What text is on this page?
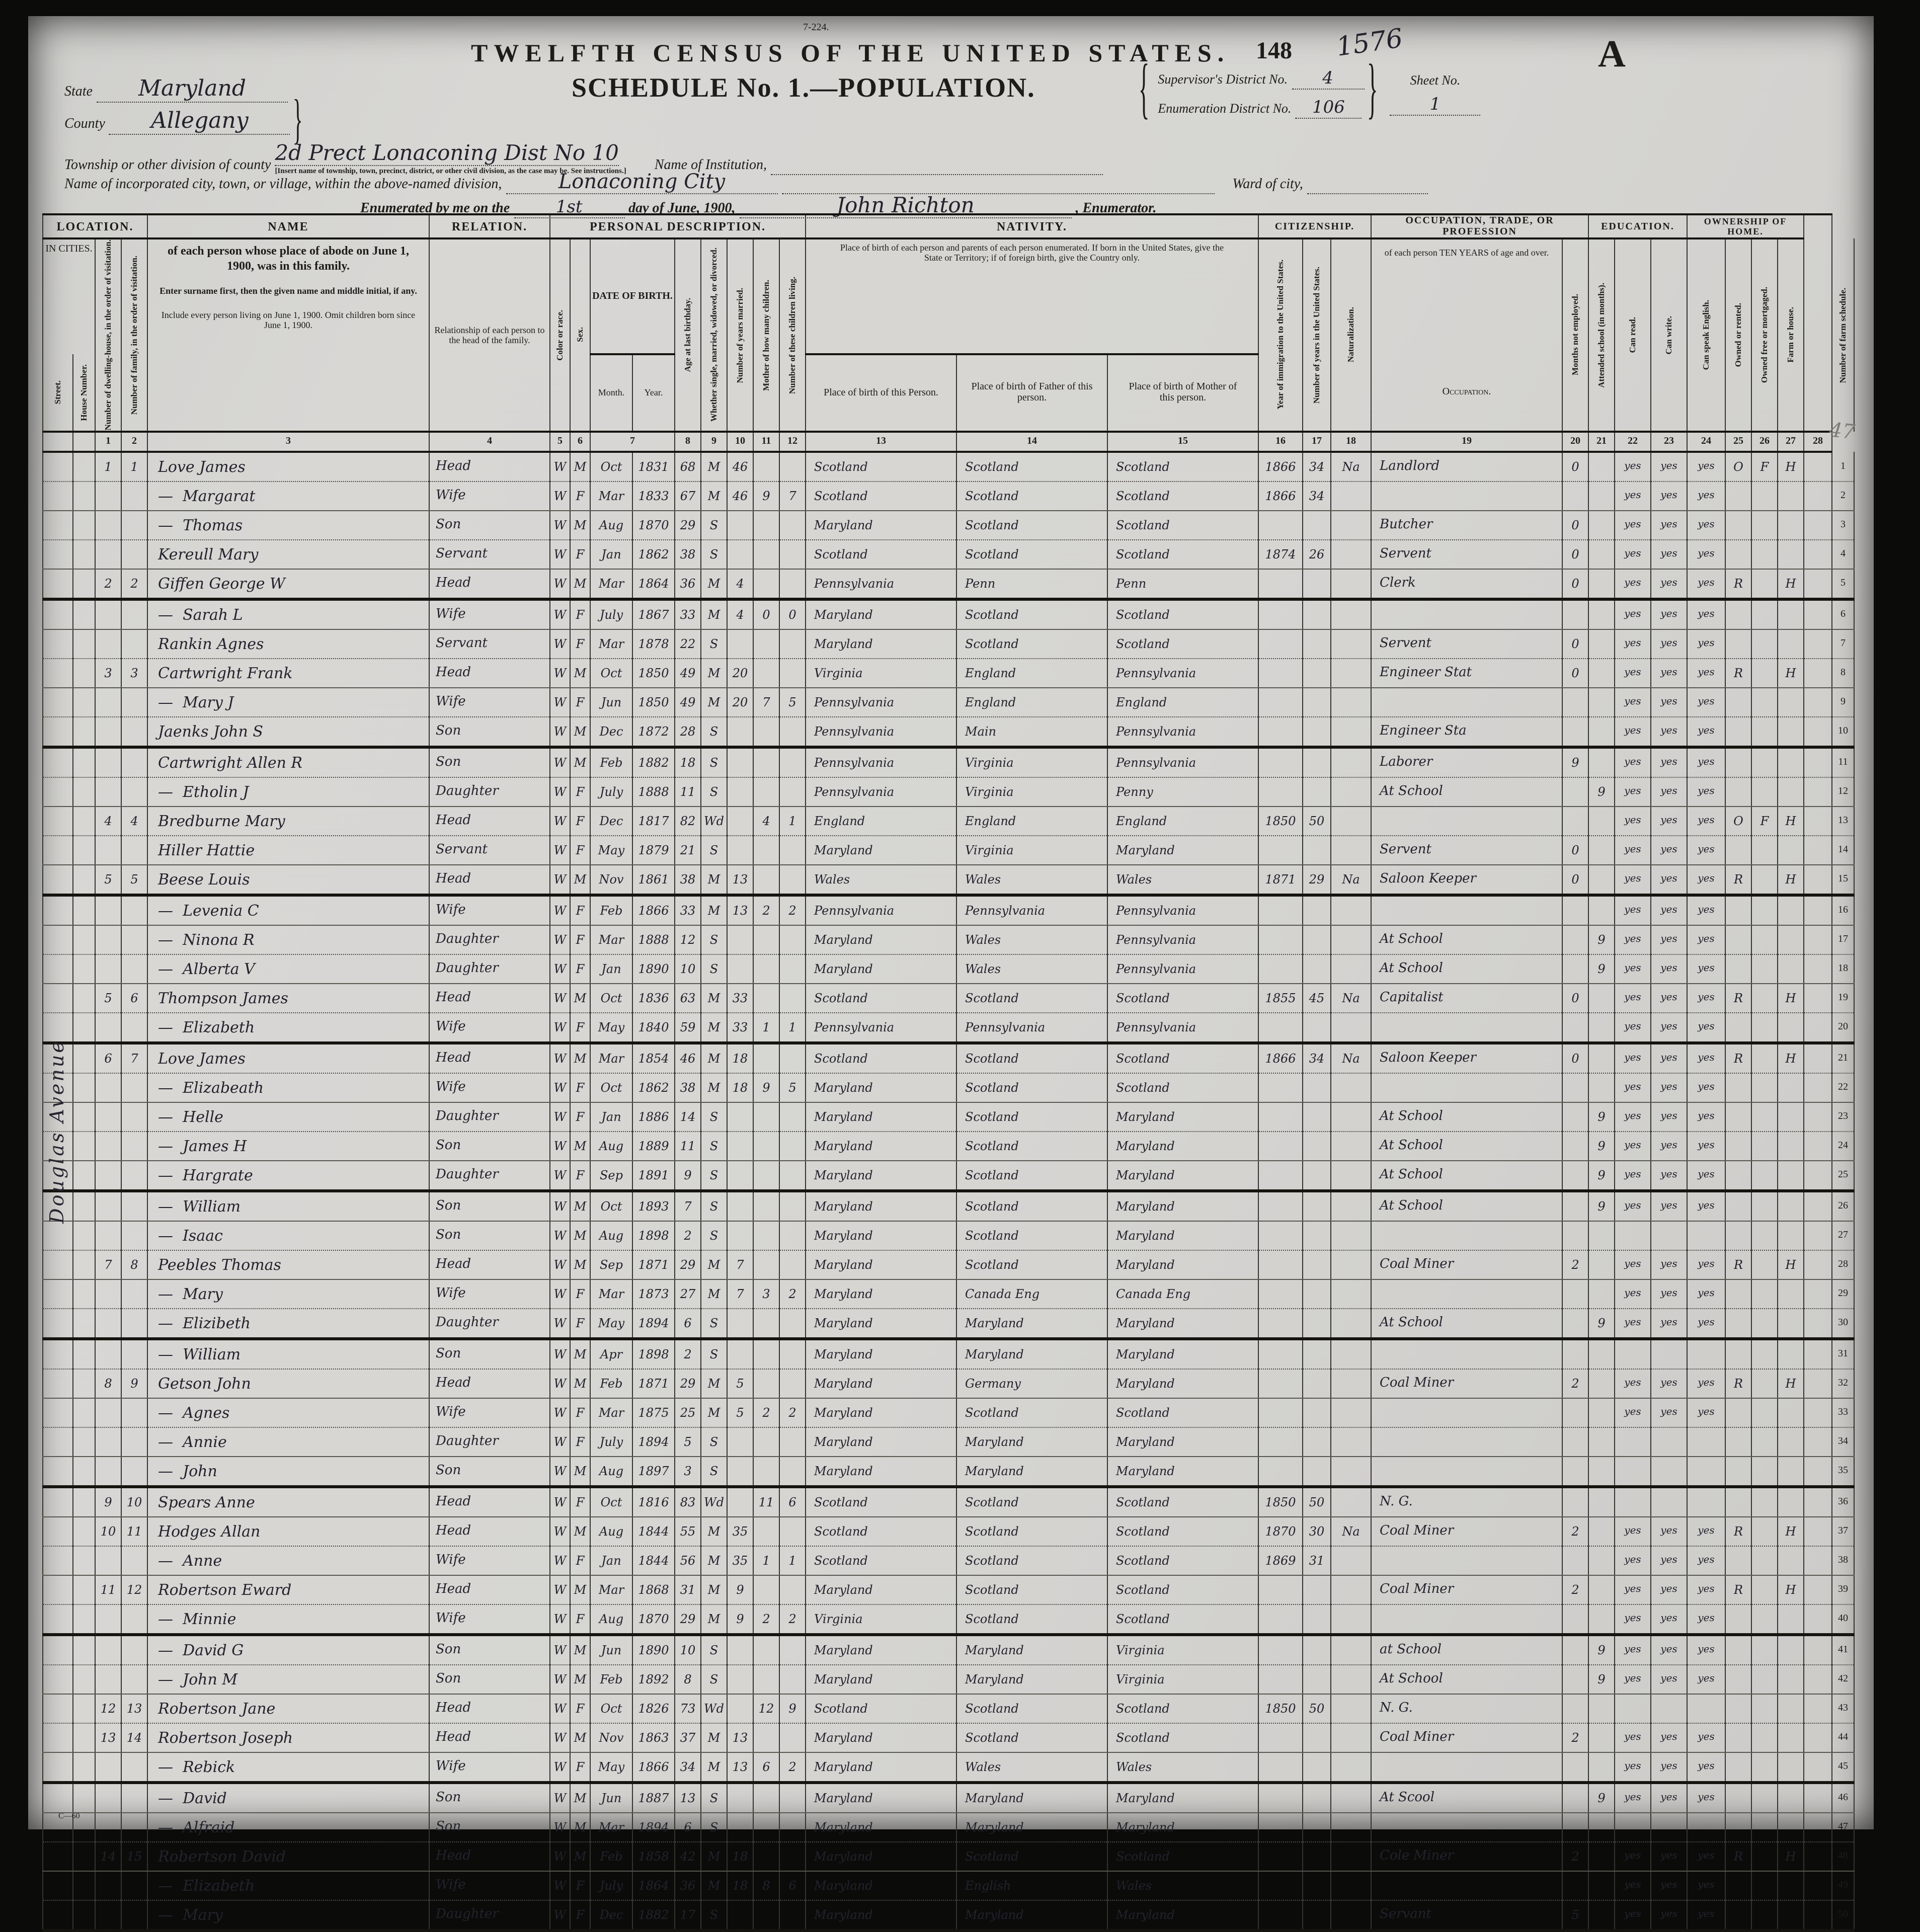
7-224.
TWELFTH CENSUS OF THE UNITED STATES. 148	1576	A
State	Maryland
County	Allegany	}
SCHEDULE No. 1.—POPULATION.	{ Supervisor's District No.	4
Enumeration District No. 106	}	Sheet No.
1
Township or other division of county 2d Prect Lonaconing Dist No 10
[Insert name of township, town, precinct, district, or other civil division, as the case may be. See instructions.]	Name of Institution,
Name of incorporated city, town, or village, within the above-named division,	Lonaconing City	Ward of city,
Enumerated by me on the	1st	day of June, 1900,	John Richton	, Enumerator.
LOCATION.				NAME	RELATION.	PERSONAL DESCRIPTION.									NATIVITY.			CITIZENSHIP.			OCCUPATION, TRADE, OR PROFESSION		EDUCATION.			OWNERSHIP OF HOME.					
IN CITIES.		Number of dwelling-house, in the order of visitation.	Number of family, in the order of visitation.	of each person whose place of abode on June 1, 1900, was in this family.
Enter surname first, then the given name and middle initial, if any.
Include every person living on June 1, 1900. Omit children born since June 1, 1900.	Relationship of each person to the head of the family.	Color or race.	Sex.	DATE OF BIRTH.		Age at last birthday.	Whether single, married, widowed, or divorced.	Number of years married.	Mother of how many children.	Number of these children living.	Place of birth of each person and parents of each person enumerated. If born in the United States, give the State or Territory; if of foreign birth, give the Country only.			Year of immigration to the United States.	Number of years in the United States.	Naturalization.	of each person TEN YEARS of age and over.	Months not employed.	Attended school (in months).	Can read.	Can write.	Can speak English.	Owned or rented.	Owned free or mortgaged.	Farm or house.		Number of farm schedule.

Street.	House Number.							Month.	Year.						Place of birth of this Person.	Place of birth of Father of this person.	Place of birth of Mother of this person.				Occupation.										
		1	2	3	4	5	6	7		8	9	10	11	12	13	14	15	16	17	18	19	20	21	22	23	24	25	26	27	28	
		1	1	Love James	Head	W	M	Oct	1831	68	M	46			Scotland	Scotland	Scotland	1866	34	Na	Landlord	0		yes	yes	yes	O	F	H		1
				—  Margarat	Wife	W	F	Mar	1833	67	M	46	9	7	Scotland	Scotland	Scotland	1866	34					yes	yes	yes					2
				—  Thomas	Son	W	M	Aug	1870	29	S				Maryland	Scotland	Scotland				Butcher	0		yes	yes	yes					3
				Kereull Mary	Servant	W	F	Jan	1862	38	S				Scotland	Scotland	Scotland	1874	26		Servent	0		yes	yes	yes					4
		2	2	Giffen George W	Head	W	M	Mar	1864	36	M	4			Pennsylvania	Penn	Penn				Clerk	0		yes	yes	yes	R		H		5
				—  Sarah L	Wife	W	F	July	1867	33	M	4	0	0	Maryland	Scotland	Scotland							yes	yes	yes					6
				Rankin Agnes	Servant	W	F	Mar	1878	22	S				Maryland	Scotland	Scotland				Servent	0		yes	yes	yes					7
		3	3	Cartwright Frank	Head	W	M	Oct	1850	49	M	20			Virginia	England	Pennsylvania				Engineer Stat	0		yes	yes	yes	R		H		8
				—  Mary J	Wife	W	F	Jun	1850	49	M	20	7	5	Pennsylvania	England	England							yes	yes	yes					9
				Jaenks John S	Son	W	M	Dec	1872	28	S				Pennsylvania	Main	Pennsylvania				Engineer Sta			yes	yes	yes					10
				Cartwright Allen R	Son	W	M	Feb	1882	18	S				Pennsylvania	Virginia	Pennsylvania				Laborer	9		yes	yes	yes					11
				—  Etholin J	Daughter	W	F	July	1888	11	S				Pennsylvania	Virginia	Penny				At School		9	yes	yes	yes					12
		4	4	Bredburne Mary	Head	W	F	Dec	1817	82	Wd		4	1	England	England	England	1850	50					yes	yes	yes	O	F	H		13
				Hiller Hattie	Servant	W	F	May	1879	21	S				Maryland	Virginia	Maryland				Servent	0		yes	yes	yes					14
		5	5	Beese Louis	Head	W	M	Nov	1861	38	M	13			Wales	Wales	Wales	1871	29	Na	Saloon Keeper	0		yes	yes	yes	R		H		15
				—  Levenia C	Wife	W	F	Feb	1866	33	M	13	2	2	Pennsylvania	Pennsylvania	Pennsylvania							yes	yes	yes					16
				—  Ninona R	Daughter	W	F	Mar	1888	12	S				Maryland	Wales	Pennsylvania				At School		9	yes	yes	yes					17
				—  Alberta V	Daughter	W	F	Jan	1890	10	S				Maryland	Wales	Pennsylvania				At School		9	yes	yes	yes					18
		5	6	Thompson James	Head	W	M	Oct	1836	63	M	33			Scotland	Scotland	Scotland	1855	45	Na	Capitalist	0		yes	yes	yes	R		H		19
				—  Elizabeth	Wife	W	F	May	1840	59	M	33	1	1	Pennsylvania	Pennsylvania	Pennsylvania							yes	yes	yes					20
		6	7	Love James	Head	W	M	Mar	1854	46	M	18			Scotland	Scotland	Scotland	1866	34	Na	Saloon Keeper	0		yes	yes	yes	R		H		21
				—  Elizabeath	Wife	W	F	Oct	1862	38	M	18	9	5	Maryland	Scotland	Scotland							yes	yes	yes					22
				—  Helle	Daughter	W	F	Jan	1886	14	S				Maryland	Scotland	Maryland				At School		9	yes	yes	yes					23
				—  James H	Son	W	M	Aug	1889	11	S				Maryland	Scotland	Maryland				At School		9	yes	yes	yes					24
				—  Hargrate	Daughter	W	F	Sep	1891	9	S				Maryland	Scotland	Maryland				At School		9	yes	yes	yes					25
				—  William	Son	W	M	Oct	1893	7	S				Maryland	Scotland	Maryland				At School		9	yes	yes	yes					26
				—  Isaac	Son	W	M	Aug	1898	2	S				Maryland	Scotland	Maryland														27
		7	8	Peebles Thomas	Head	W	M	Sep	1871	29	M	7			Maryland	Scotland	Maryland				Coal Miner	2		yes	yes	yes	R		H		28
				—  Mary	Wife	W	F	Mar	1873	27	M	7	3	2	Maryland	Canada Eng	Canada Eng							yes	yes	yes					29
				—  Elizibeth	Daughter	W	F	May	1894	6	S				Maryland	Maryland	Maryland				At School		9	yes	yes	yes					30
				—  William	Son	W	M	Apr	1898	2	S				Maryland	Maryland	Maryland														31
		8	9	Getson John	Head	W	M	Feb	1871	29	M	5			Maryland	Germany	Maryland				Coal Miner	2		yes	yes	yes	R		H		32
				—  Agnes	Wife	W	F	Mar	1875	25	M	5	2	2	Maryland	Scotland	Scotland							yes	yes	yes					33
				—  Annie	Daughter	W	F	July	1894	5	S				Maryland	Maryland	Maryland														34
				—  John	Son	W	M	Aug	1897	3	S				Maryland	Maryland	Maryland														35
		9	10	Spears Anne	Head	W	F	Oct	1816	83	Wd		11	6	Scotland	Scotland	Scotland	1850	50		N. G.										36
		10	11	Hodges Allan	Head	W	M	Aug	1844	55	M	35			Scotland	Scotland	Scotland	1870	30	Na	Coal Miner	2		yes	yes	yes	R		H		37
				—  Anne	Wife	W	F	Jan	1844	56	M	35	1	1	Scotland	Scotland	Scotland	1869	31					yes	yes	yes					38
		11	12	Robertson Eward	Head	W	M	Mar	1868	31	M	9			Maryland	Scotland	Scotland				Coal Miner	2		yes	yes	yes	R		H		39
				—  Minnie	Wife	W	F	Aug	1870	29	M	9	2	2	Virginia	Scotland	Scotland							yes	yes	yes					40
				—  David G	Son	W	M	Jun	1890	10	S				Maryland	Maryland	Virginia				at School		9	yes	yes	yes					41
				—  John M	Son	W	M	Feb	1892	8	S				Maryland	Maryland	Virginia				At School		9	yes	yes	yes					42
		12	13	Robertson Jane	Head	W	F	Oct	1826	73	Wd		12	9	Scotland	Scotland	Scotland	1850	50		N. G.										43
		13	14	Robertson Joseph	Head	W	M	Nov	1863	37	M	13			Maryland	Scotland	Scotland				Coal Miner	2		yes	yes	yes					44
				—  Rebick	Wife	W	F	May	1866	34	M	13	6	2	Maryland	Wales	Wales							yes	yes	yes					45
				—  David	Son	W	M	Jun	1887	13	S				Maryland	Maryland	Maryland				At Scool		9	yes	yes	yes					46
				—  Alfraid	Son	W	M	Mar	1894	6	S				Maryland	Maryland	Maryland														47
		14	15	Robertson David	Head	W	M	Feb	1858	42	M	18			Maryland	Scotland	Scotland				Cole Miner	2		yes	yes	yes	R		H		48
				—  Elizabeth	Wife	W	F	July	1864	36	M	18	8	6	Maryland	English	Wales							yes	yes	yes					49
				—  Mary	Daughter	W	F	Dec	1882	17	S				Maryland	Maryland	Maryland				Servant	5		yes	yes	yes					50
Douglas Avenue
47
C—60
